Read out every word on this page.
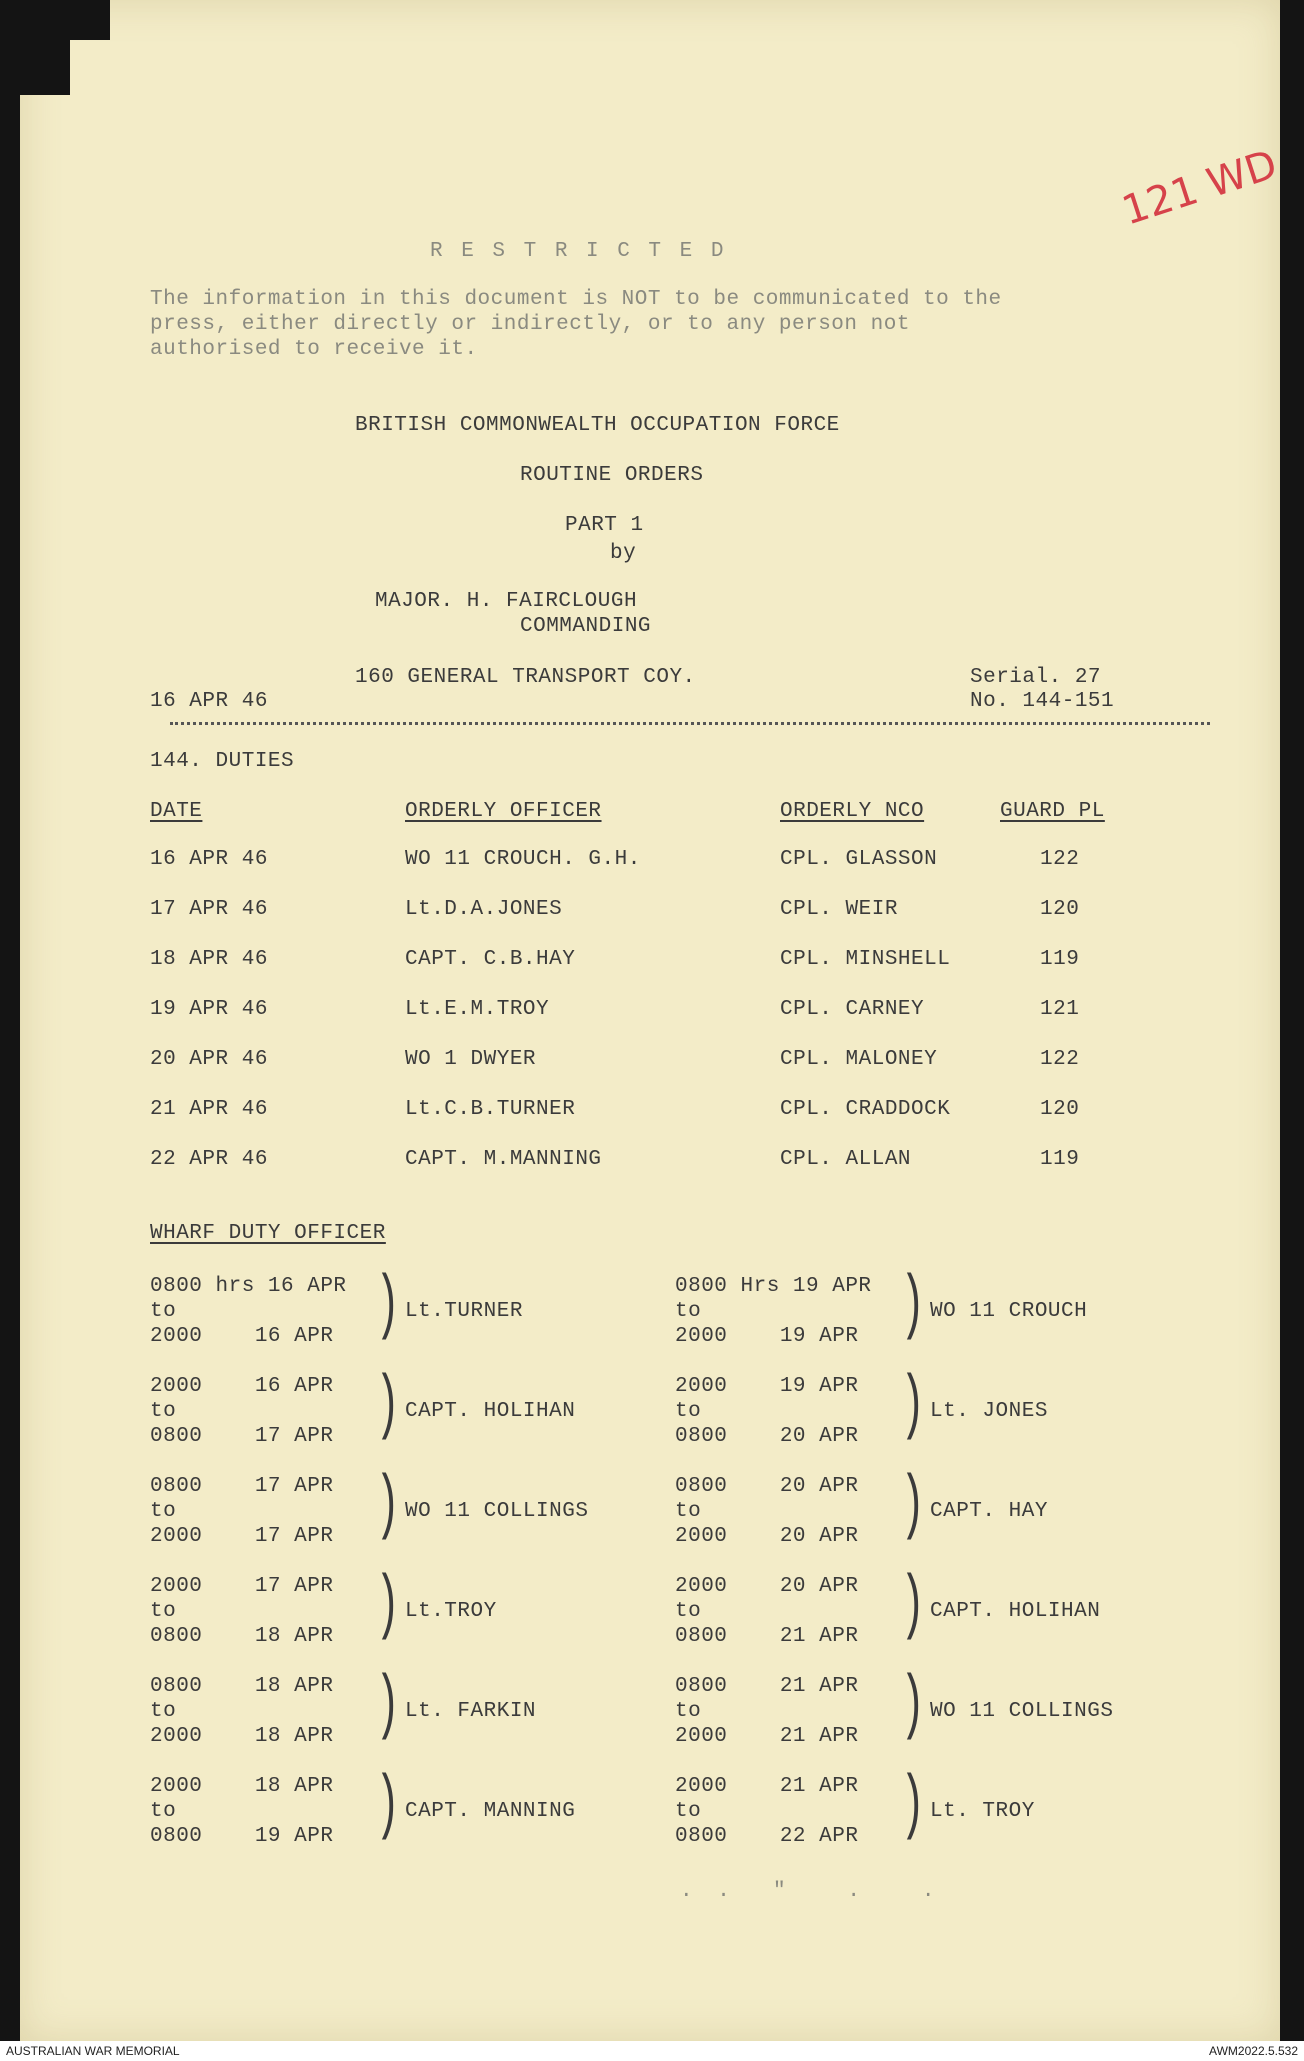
121 WD
R E S T R I C T E D
The information in this document is NOT to be communicated to the
press, either directly or indirectly, or to any person not
authorised to receive it.
BRITISH COMMONWEALTH OCCUPATION FORCE
ROUTINE ORDERS
PART 1
by
MAJOR. H. FAIRCLOUGH
COMMANDING
160 GENERAL TRANSPORT COY.	Serial. 27
16 APR 46	No. 144-151
144. DUTIES
DATE	ORDERLY OFFICER	ORDERLY NCO	GUARD PL
16 APR 46	WO 11 CROUCH. G.H.	CPL. GLASSON	122
17 APR 46	Lt.D.A.JONES	CPL. WEIR	120
18 APR 46	CAPT. C.B.HAY	CPL. MINSHELL	119
19 APR 46	Lt.E.M.TROY	CPL. CARNEY	121
20 APR 46	WO 1 DWYER	CPL. MALONEY	122
21 APR 46	Lt.C.B.TURNER	CPL. CRADDOCK	120
22 APR 46	CAPT. M.MANNING	CPL. ALLAN	119
WHARF DUTY OFFICER
0800 hrs 16 APR
to
2000    16 APR ) Lt.TURNER
2000    16 APR
to
0800    17 APR ) CAPT. HOLIHAN
0800    17 APR
to
2000    17 APR ) WO 11 COLLINGS
2000    17 APR
to
0800    18 APR ) Lt.TROY
0800    18 APR
to
2000    18 APR ) Lt. FARKIN
2000    18 APR
to
0800    19 APR ) CAPT. MANNING
0800 Hrs 19 APR
to
2000    19 APR ) WO 11 CROUCH
2000    19 APR
to
0800    20 APR ) Lt. JONES
0800    20 APR
to
2000    20 APR ) CAPT. HAY
2000    20 APR
to
0800    21 APR ) CAPT. HOLIHAN
0800    21 APR
to
2000    21 APR ) WO 11 COLLINGS
2000    21 APR
to
0800    22 APR ) Lt. TROY
. .  "   .   .
AUSTRALIAN WAR MEMORIAL	AWM2022.5.532
